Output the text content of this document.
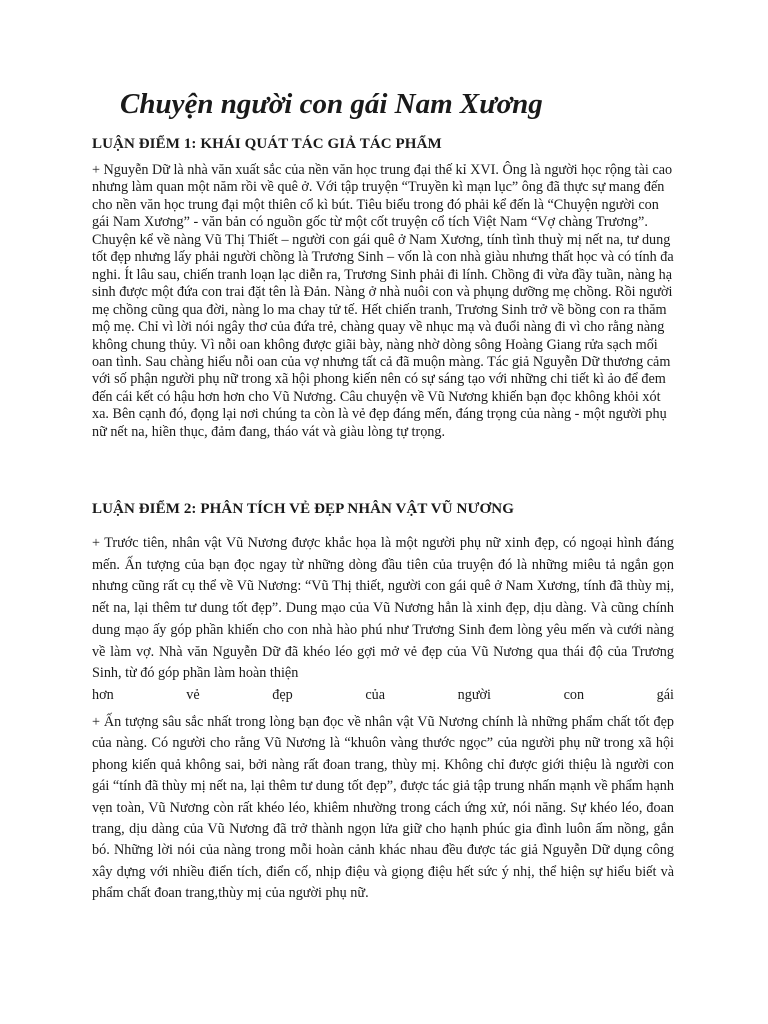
Chuyện người con gái Nam Xương
LUẬN ĐIỂM 1: KHÁI QUÁT TÁC GIẢ TÁC PHẨM

+ Nguyễn Dữ là nhà văn xuất sắc của nền văn học trung đại thế kỉ XVI. Ông là người học rộng tài cao nhưng làm quan một năm rồi về quê ở. Với tập truyện “Truyền kì mạn lục” ông đã thực sự mang đến cho nền văn học trung đại một thiên cổ kì bút. Tiêu biểu trong đó phải kể đến là “Chuyện người con gái Nam Xương” - văn bản có nguồn gốc từ một cốt truyện cổ tích Việt Nam “Vợ chàng Trương”. Chuyện kể về nàng Vũ Thị Thiết – người con gái quê ở Nam Xương, tính tình thuỳ mị nết na, tư dung tốt đẹp nhưng lấy phải người chồng là Trương Sinh – vốn là con nhà giàu nhưng thất học và có tính đa nghi. Ít lâu sau, chiến tranh loạn lạc diễn ra, Trương Sinh phải đi lính. Chồng đi vừa đầy tuần, nàng hạ sinh được một đứa con trai đặt tên là Đản. Nàng ở nhà nuôi con và phụng dưỡng mẹ chồng. Rồi người mẹ chồng cũng qua đời, nàng lo ma chay tử tế. Hết chiến tranh, Trương Sinh trở về bồng con ra thăm mộ mẹ. Chỉ vì lời nói ngây thơ của đứa trẻ, chàng quay về nhục mạ và đuổi nàng đi vì cho rằng nàng không chung thủy. Vì nỗi oan không được giãi bày, nàng nhờ dòng sông Hoàng Giang rửa sạch mối oan tình. Sau chàng hiểu nỗi oan của vợ nhưng tất cả đã muộn màng. Tác giả Nguyễn Dữ thương cảm với số phận người phụ nữ trong xã hội phong kiến nên có sự sáng tạo với những chi tiết kì ảo để đem đến cái kết có hậu hơn hơn cho Vũ Nương. Câu chuyện về Vũ Nương khiến bạn đọc không khỏi xót xa. Bên cạnh đó, đọng lại nơi chúng ta còn là vẻ đẹp đáng mến, đáng trọng của nàng - một người phụ nữ nết na, hiền thục, đảm đang, tháo vát và giàu lòng tự trọng.

LUẬN ĐIỂM 2: PHÂN TÍCH VẺ ĐẸP NHÂN VẬT VŨ NƯƠNG
+ Trước tiên, nhân vật Vũ Nương được khắc họa là một người phụ nữ xinh đẹp, có ngoại hình đáng mến. Ấn tượng của bạn đọc ngay từ những dòng đầu tiên của truyện đó là những miêu tả ngắn gọn nhưng cũng rất cụ thể về Vũ Nương: “Vũ Thị thiết, người con gái quê ở Nam Xương, tính đã thùy mị, nết na, lại thêm tư dung tốt đẹp”. Dung mạo của Vũ Nương hẳn là xinh đẹp, dịu dàng. Và cũng chính dung mạo ấy góp phần khiến cho con nhà hào phú như Trương Sinh đem lòng yêu mến và cưới nàng về làm vợ. Nhà văn Nguyễn Dữ đã khéo léo gợi mở vẻ đẹp của Vũ Nương qua thái độ của Trương Sinh, từ đó góp phần làm hoàn thiện
hơn vẻ đẹp của người con gái

+ Ấn tượng sâu sắc nhất trong lòng bạn đọc về nhân vật Vũ Nương chính là những phẩm chất tốt đẹp của nàng. Có người cho rằng Vũ Nương là “khuôn vàng thước ngọc” của người phụ nữ trong xã hội phong kiến quả không sai, bởi nàng rất đoan trang, thùy mị. Không chỉ được giới thiệu là người con gái “tính đã thùy mị nết na, lại thêm tư dung tốt đẹp”, được tác giả tập trung nhấn mạnh về phẩm hạnh vẹn toàn, Vũ Nương còn rất khéo léo, khiêm nhường trong cách ứng xử, nói năng. Sự khéo léo, đoan trang, dịu dàng của Vũ Nương đã trở thành ngọn lửa giữ cho hạnh phúc gia đình luôn ấm nồng, gắn bó. Những lời nói của nàng trong mỗi hoàn cảnh khác nhau đều được tác giả Nguyễn Dữ dụng công xây dựng với nhiều điển tích, điển cố, nhịp điệu và giọng điệu hết sức ý nhị, thể hiện sự hiểu biết và phẩm chất đoan trang,thùy mị của người phụ nữ.
